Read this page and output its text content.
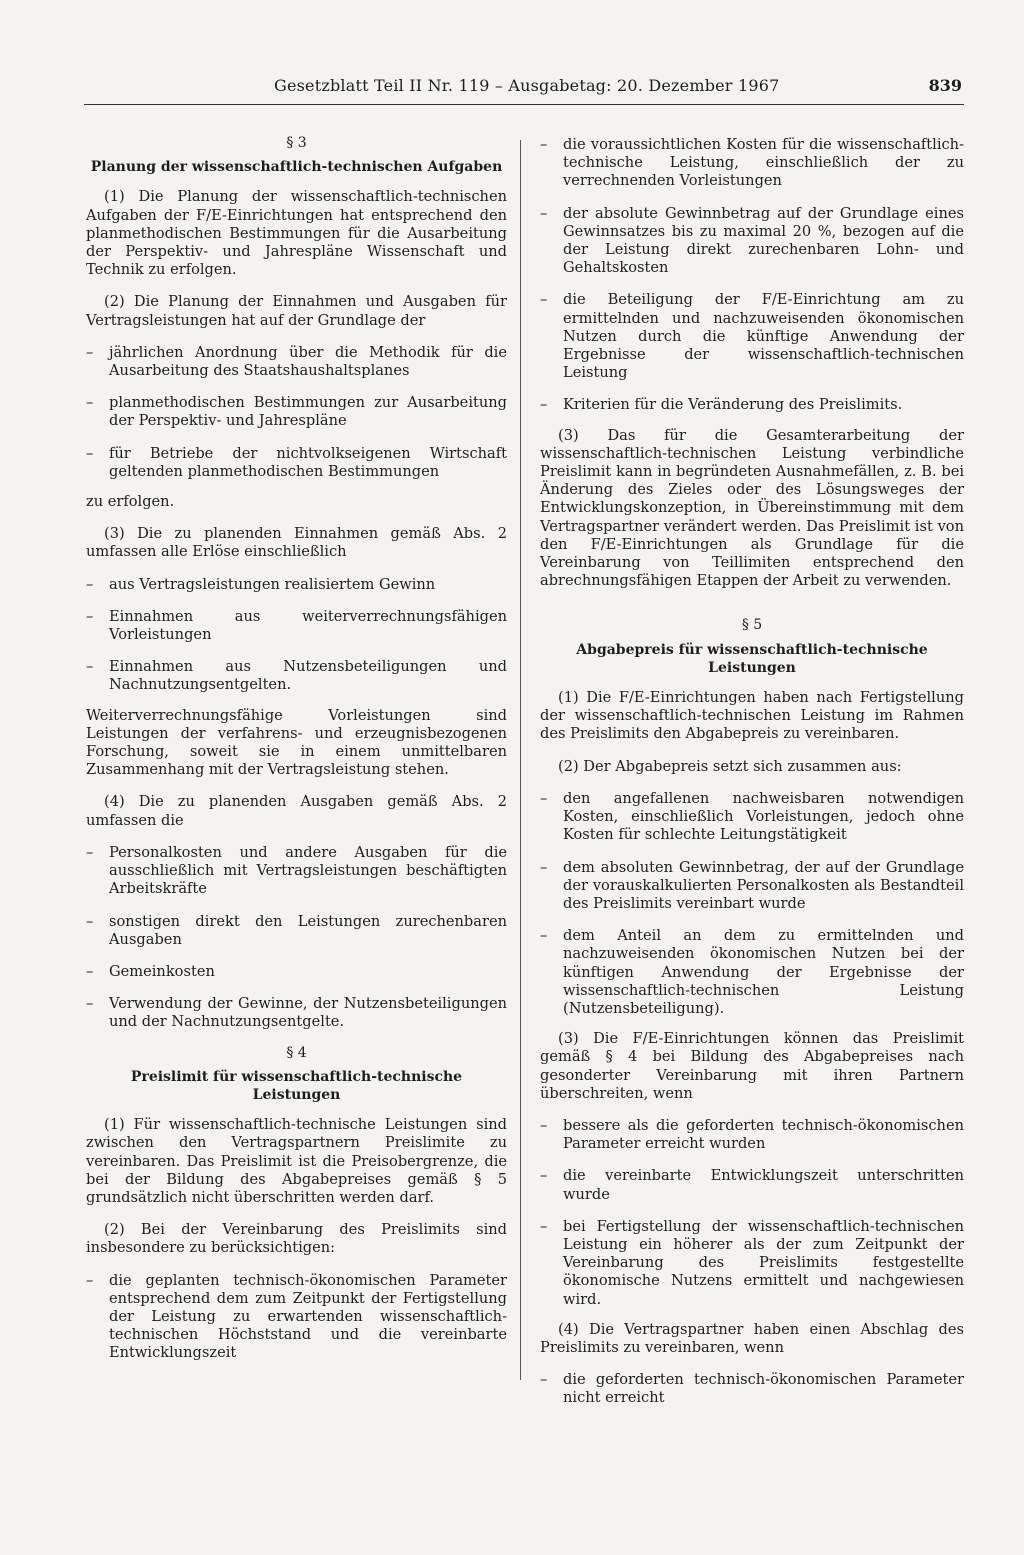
Gesetzblatt Teil II Nr. 119 – Ausgabetag: 20. Dezember 1967	839
§ 3
Planung der wissenschaftlich-technischen Aufgaben

(1) Die Planung der wissenschaftlich-technischen Aufgaben der F/E-Einrichtungen hat entsprechend den planmethodischen Bestimmungen für die Ausarbeitung der Perspektiv- und Jahrespläne Wissenschaft und Technik zu erfolgen.

(2) Die Planung der Einnahmen und Ausgaben für Vertragsleistungen hat auf der Grundlage der

– jährlichen Anordnung über die Methodik für die Ausarbeitung des Staatshaushaltsplanes
– planmethodischen Bestimmungen zur Ausarbeitung der Perspektiv- und Jahrespläne
– für Betriebe der nichtvolkseigenen Wirtschaft geltenden planmethodischen Bestimmungen

zu erfolgen.

(3) Die zu planenden Einnahmen gemäß Abs. 2 umfassen alle Erlöse einschließlich

– aus Vertragsleistungen realisiertem Gewinn
– Einnahmen aus weiterverrechnungsfähigen Vorleistungen
– Einnahmen aus Nutzensbeteiligungen und Nachnutzungsentgelten.

Weiterverrechnungsfähige Vorleistungen sind Leistungen der verfahrens- und erzeugnisbezogenen Forschung, soweit sie in einem unmittelbaren Zusammenhang mit der Vertragsleistung stehen.

(4) Die zu planenden Ausgaben gemäß Abs. 2 umfassen die

– Personalkosten und andere Ausgaben für die ausschließlich mit Vertragsleistungen beschäftigten Arbeitskräfte
– sonstigen direkt den Leistungen zurechenbaren Ausgaben
– Gemeinkosten
– Verwendung der Gewinne, der Nutzensbeteiligungen und der Nachnutzungsentgelte.
§ 4
Preislimit für wissenschaftlich-technische Leistungen

(1) Für wissenschaftlich-technische Leistungen sind zwischen den Vertragspartnern Preislimite zu vereinbaren. Das Preislimit ist die Preisobergrenze, die bei der Bildung des Abgabepreises gemäß § 5 grundsätzlich nicht überschritten werden darf.

(2) Bei der Vereinbarung des Preislimits sind insbesondere zu berücksichtigen:

– die geplanten technisch-ökonomischen Parameter entsprechend dem zum Zeitpunkt der Fertigstellung der Leistung zu erwartenden wissenschaftlich-technischen Höchststand und die vereinbarte Entwicklungszeit
– die voraussichtlichen Kosten für die wissenschaftlich-technische Leistung, einschließlich der zu verrechnenden Vorleistungen
– der absolute Gewinnbetrag auf der Grundlage eines Gewinnsatzes bis zu maximal 20 %, bezogen auf die der Leistung direkt zurechenbaren Lohn- und Gehaltskosten
– die Beteiligung der F/E-Einrichtung am zu ermittelnden und nachzuweisenden ökonomischen Nutzen durch die künftige Anwendung der Ergebnisse der wissenschaftlich-technischen Leistung
– Kriterien für die Veränderung des Preislimits.

(3) Das für die Gesamterarbeitung der wissenschaftlich-technischen Leistung verbindliche Preislimit kann in begründeten Ausnahmefällen, z. B. bei Änderung des Zieles oder des Lösungsweges der Entwicklungskonzeption, in Übereinstimmung mit dem Vertragspartner verändert werden. Das Preislimit ist von den F/E-Einrichtungen als Grundlage für die Vereinbarung von Teillimiten entsprechend den abrechnungsfähigen Etappen der Arbeit zu verwenden.

§ 5
Abgabepreis für wissenschaftlich-technische Leistungen

(1) Die F/E-Einrichtungen haben nach Fertigstellung der wissenschaftlich-technischen Leistung im Rahmen des Preislimits den Abgabepreis zu vereinbaren.

(2) Der Abgabepreis setzt sich zusammen aus:

– den angefallenen nachweisbaren notwendigen Kosten, einschließlich Vorleistungen, jedoch ohne Kosten für schlechte Leitungstätigkeit
– dem absoluten Gewinnbetrag, der auf der Grundlage der vorauskalkulierten Personalkosten als Bestandteil des Preislimits vereinbart wurde
– dem Anteil an dem zu ermittelnden und nachzuweisenden ökonomischen Nutzen bei der künftigen Anwendung der Ergebnisse der wissenschaftlich-technischen Leistung (Nutzensbeteiligung).

(3) Die F/E-Einrichtungen können das Preislimit gemäß § 4 bei Bildung des Abgabepreises nach gesonderter Vereinbarung mit ihren Partnern überschreiten, wenn

– bessere als die geforderten technisch-ökonomischen Parameter erreicht wurden
– die vereinbarte Entwicklungszeit unterschritten wurde
– bei Fertigstellung der wissenschaftlich-technischen Leistung ein höherer als der zum Zeitpunkt der Vereinbarung des Preislimits festgestellte ökonomische Nutzens ermittelt und nachgewiesen wird.

(4) Die Vertragspartner haben einen Abschlag des Preislimits zu vereinbaren, wenn

– die geforderten technisch-ökonomischen Parameter nicht erreicht
